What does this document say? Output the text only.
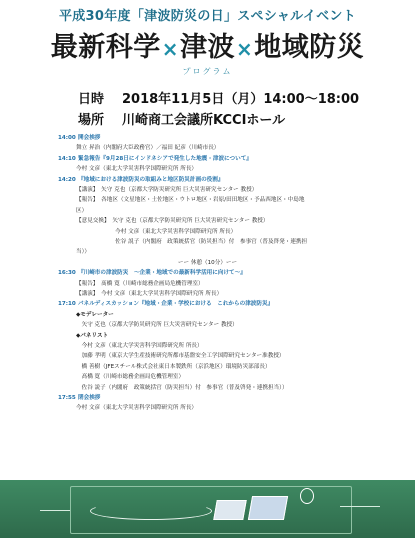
平成30年度「津波防災の日」スペシャルイベント
最新科学×津波×地域防災
プログラム
日時 2018年11月5日（月）14:00〜18:00
場所 川崎商工会議所KCCIホール
14:00 開会挨拶
舞立 昇治（内閣府大臣政務官）／福田 紀彦（川崎市長）
14:10 緊急報告『9月28日にインドネシアで発生した地震・津波について』
今村 文彦（東北大学災害科学国際研究所 所長）
14:20 『地域における津波防災の取組みと地区防災計画の役割』
【講演】　矢守 克也（京都大学防災研究所 巨大災害研究センター 教授）
【報告】　各地区（文星地区・土佐地区・ウトロ地区・岩原/田田地区・予品西地区・中島地
区）
【意見交換】　矢守 克也（京都大学防災研究所 巨大災害研究センター 教授）
　　　　　　　今村 文彦（東北大学災害科学国際研究所 所長）
　　　　　　　佐谷 説子（内閣府　政策統括官（防災担当）付　参事官（普及啓発・連携担
当））
ーー 休憩（10分）ーー
16:30 『川崎市の津波防災　〜企業・地域での最新科学活用に向けて〜』
【報告】　髙橋 寛（川崎市総務企画局危機管理室）
【講演】　今村 文彦（東北大学災害科学国際研究所 所長）
17:10 パネルディスカッション『地域・企業・学校における　これからの津波防災』
◆モデレーター
　矢守 克也（京都大学防災研究所 巨大災害研究センター 教授）
◆パネリスト
　今村 文彦（東北大学災害科学国際研究所 所長）
　加藤 孝明（東京大学生産技術研究所都市基盤安全工学国際研究センター准教授）
　橋 善樹（JFEスチール株式会社東日本製鉄所（京浜地区）環境防災部部長）
　髙橋 寛（川崎市総務企画局危機管理室）
　佐谷 説子（内閣府　政策統括官（防災担当）付　参事官（普及啓発・連携担当））
17:55 閉会挨拶
今村 文彦（東北大学災害科学国際研究所 所長）
